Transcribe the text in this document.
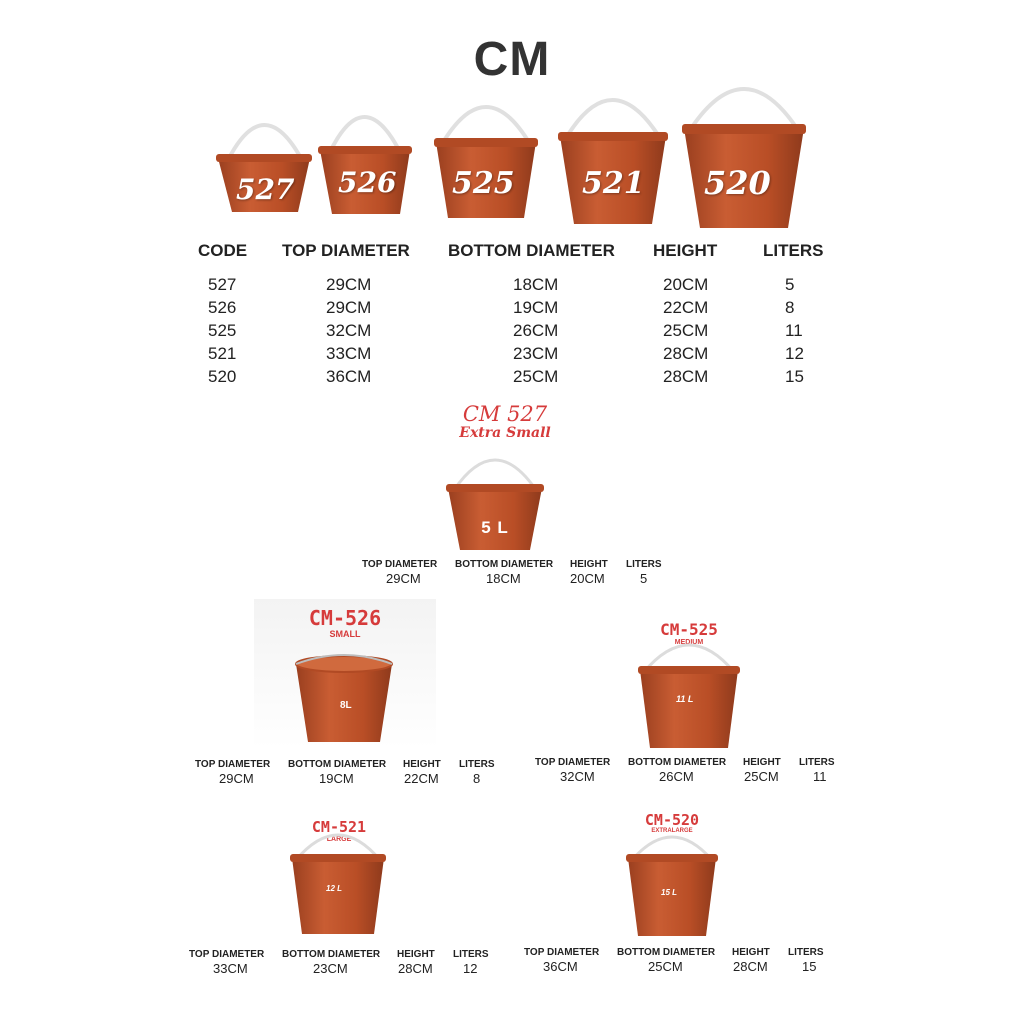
CM
527 526 525 521 520
CODE TOP DIAMETER BOTTOM DIAMETER HEIGHT	LITERS
527	29CM	18CM	20CM	5
526	29CM	19CM	22CM	8
525	32CM	26CM	25CM	11
521	33CM	23CM	28CM	12
520	36CM	25CM	28CM	15
CM 527
Extra Small
5 L
TOP DIAMETER BOTTOM DIAMETER HEIGHT LITERS
29CM	18CM	20CM	5
CM-526
SMALL
8L
TOP DIAMETER BOTTOM DIAMETER HEIGHT LITERS
29CM	19CM	22CM	8
CM-525
MEDIUM
11 L
TOP DIAMETER BOTTOM DIAMETER HEIGHT LITERS
32CM	26CM	25CM	11
CM-521
LARGE
12 L
TOP DIAMETER BOTTOM DIAMETER HEIGHT LITERS
33CM	23CM	28CM 12
CM-520
EXTRALARGE
15 L
TOP DIAMETER BOTTOM DIAMETER HEIGHT LITERS
36CM	25CM	28CM	15
